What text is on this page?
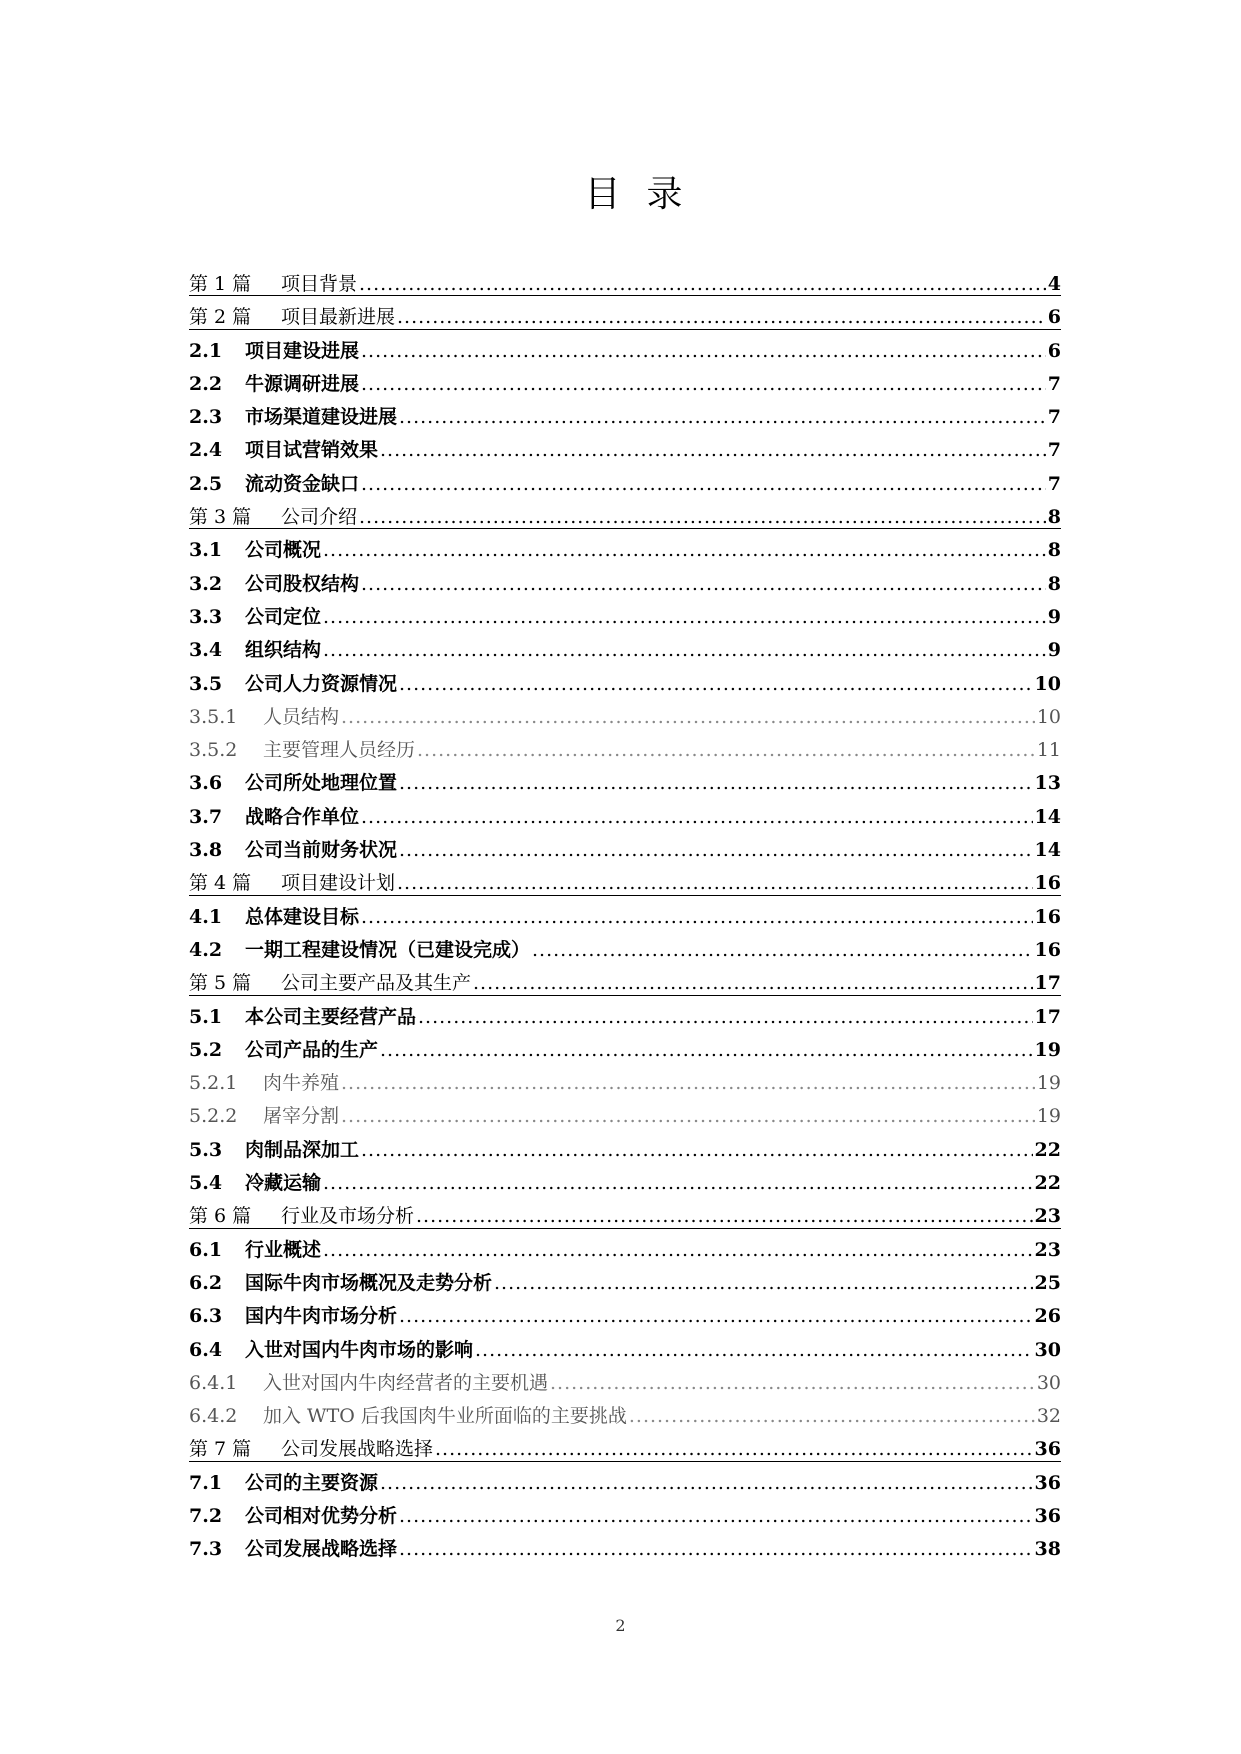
目录
第 1 篇	项目背景 .....	4
第 2 篇	项目最新进展 .....	6
2.1	项目建设进展 .....	6
2.2	牛源调研进展 .....	7
2.3	市场渠道建设进展 .....	7
2.4	项目试营销效果 .....	7
2.5	流动资金缺口 .....	7
第 3 篇	公司介绍 .....	8
3.1	公司概况 .....	8
3.2	公司股权结构 .....	8
3.3	公司定位 .....	9
3.4	组织结构 .....	9
3.5	公司人力资源情况 .....	10
3.5.1	人员结构 .....	10
3.5.2	主要管理人员经历 .....	11
3.6	公司所处地理位置 .....	13
3.7	战略合作单位 .....	14
3.8	公司当前财务状况 .....	14
第 4 篇	项目建设计划 .....	16
4.1	总体建设目标 .....	16
4.2	一期工程建设情况（已建设完成） .....	16
第 5 篇	公司主要产品及其生产 .....	17
5.1	本公司主要经营产品 .....	17
5.2	公司产品的生产 .....	19
5.2.1	肉牛养殖 .....	19
5.2.2	屠宰分割 .....	19
5.3	肉制品深加工 .....	22
5.4	冷藏运输 .....	22
第 6 篇	行业及市场分析 .....	23
6.1	行业概述 .....	23
6.2	国际牛肉市场概况及走势分析 .....	25
6.3	国内牛肉市场分析 .....	26
6.4	入世对国内牛肉市场的影响 .....	30
6.4.1	入世对国内牛肉经营者的主要机遇 .....	30
6.4.2	加入 WTO 后我国肉牛业所面临的主要挑战 .....	32
第 7 篇	公司发展战略选择 .....	36
7.1	公司的主要资源 .....	36
7.2	公司相对优势分析 .....	36
7.3	公司发展战略选择 .....	38
2
